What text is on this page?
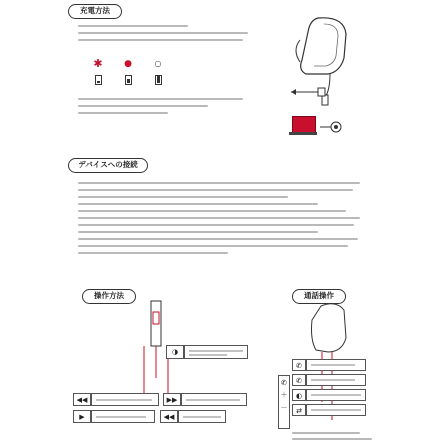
充電方法
✱ ●	○
デバイスへの接続
操作方法	通話操作
◑
◀◀	▶▶
▶	◀◀
✆
＋
－
✆
✆
◐
⇄
